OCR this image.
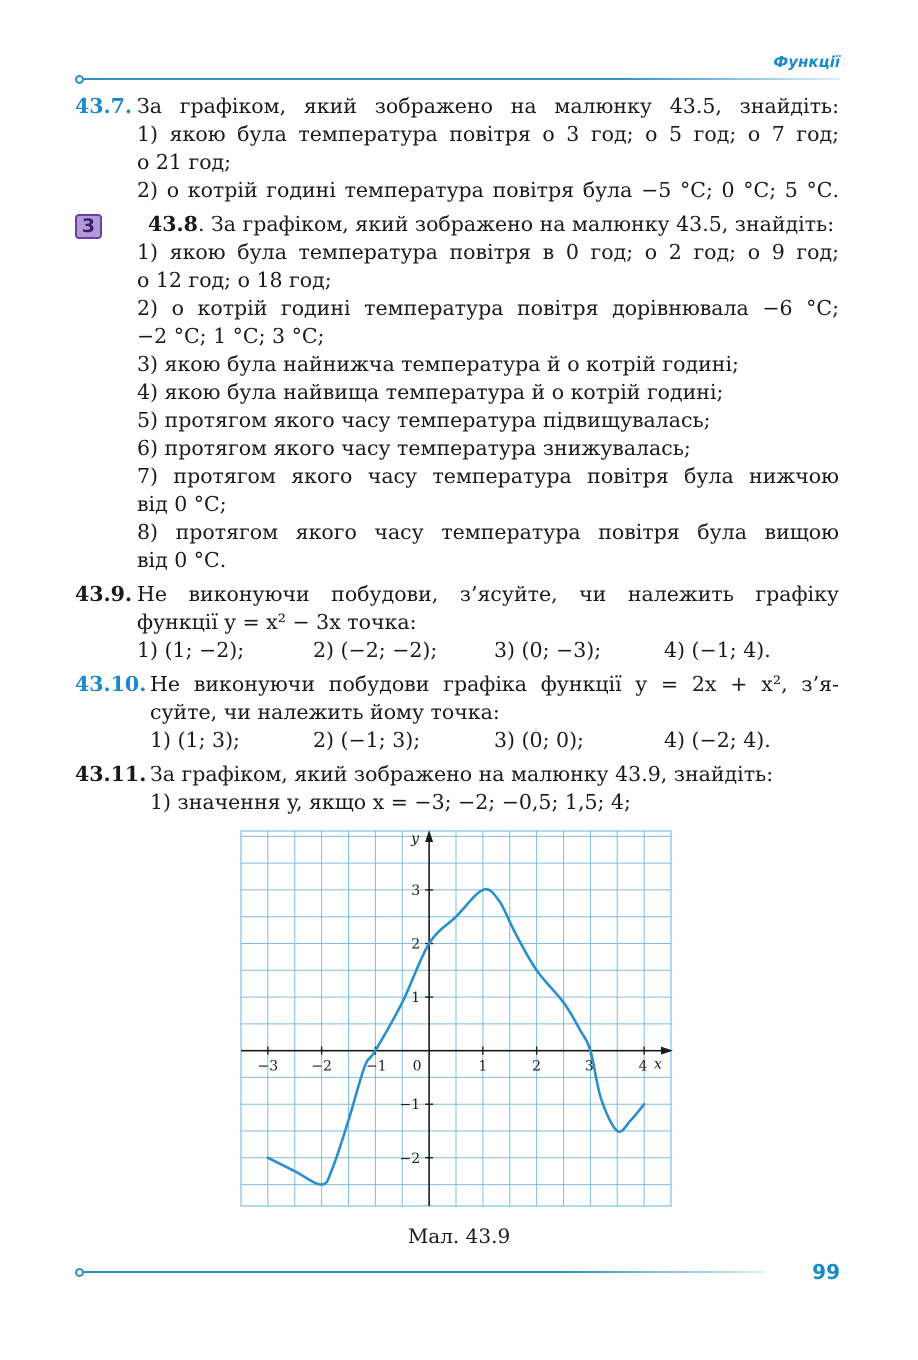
Функції
43.7. За графіком, який зображено на малюнку 43.5, знайдіть:
1) якою була температура повітря о 3 год; о 5 год; о 7 год;
о 21 год;
2) о котрій годині температура повітря була −5 °С; 0 °С; 5 °С.
3	43.8. За графіком, який зображено на малюнку 43.5, знайдіть:
1) якою була температура повітря в 0 год; о 2 год; о 9 год;
о 12 год; о 18 год;
2) о котрій годині температура повітря дорівнювала −6 °С;
−2 °С; 1 °С; 3 °С;
3) якою була найнижча температура й о котрій годині;
4) якою була найвища температура й о котрій годині;
5) протягом якого часу температура підвищувалась;
6) протягом якого часу температура знижувалась;
7) протягом якого часу температура повітря була нижчою
від 0 °С;
8) протягом якого часу температура повітря була вищою
від 0 °С.
43.9. Не виконуючи побудови, з’ясуйте, чи належить графіку
функції y = x² − 3x точка:
1) (1; −2);	2) (−2; −2);	3) (0; −3);	4) (−1; 4).
43.10. Не виконуючи побудови графіка функції y = 2x + x², з’я-
суйте, чи належить йому точка:
1) (1; 3);	2) (−1; 3);	3) (0; 0);	4) (−2; 4).
43.11. За графіком, який зображено на малюнку 43.9, знайдіть:
1) значення y, якщо x = −3; −2; −0,5; 1,5; 4;
−3 −2 −1 0	1	2	3	4
3
2
1
−1
−2
x
y
Мал. 43.9
99
